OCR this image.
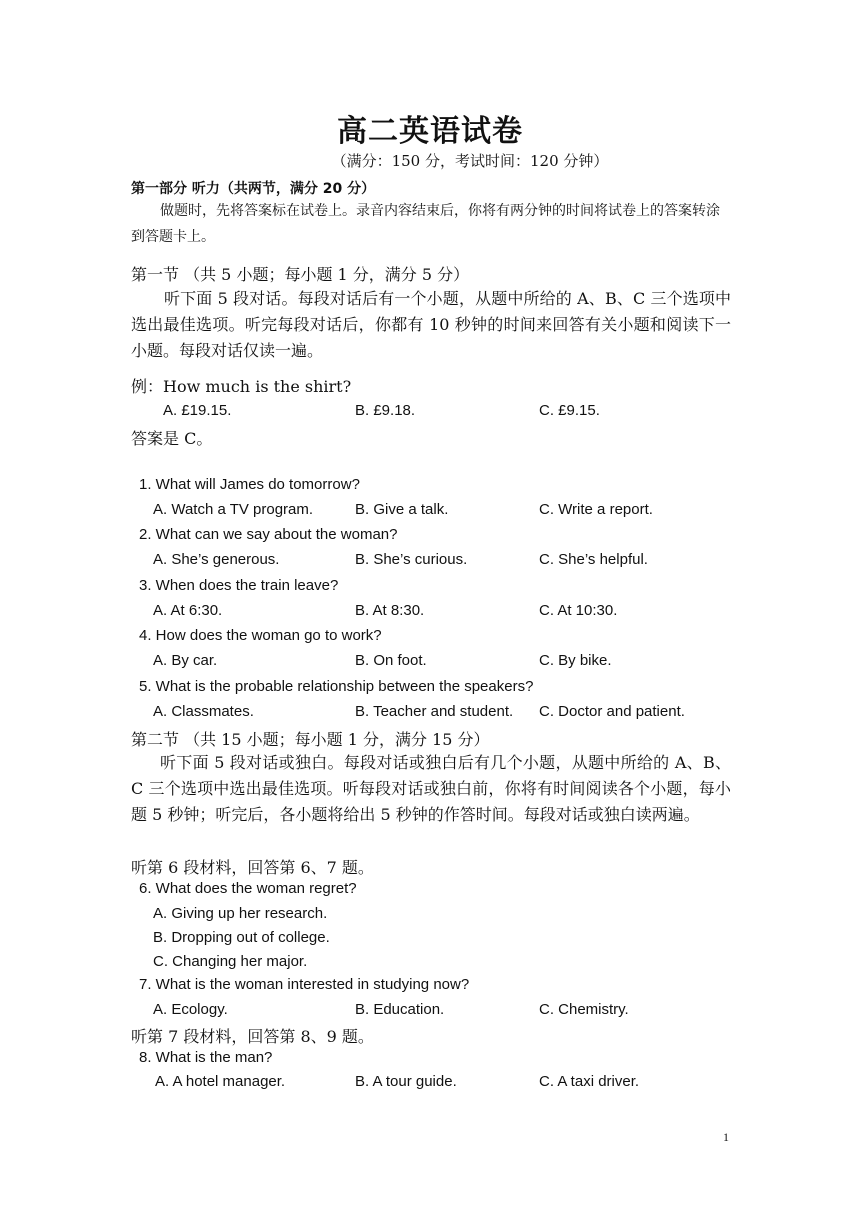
高二英语试卷
（满分：150 分，考试时间：120 分钟）
第一部分 听力（共两节，满分 20 分）
做题时，先将答案标在试卷上。录音内容结束后，你将有两分钟的时间将试卷上的答案转涂到答题卡上。
第一节 （共 5 小题；每小题 1 分，满分 5 分）
听下面 5 段对话。每段对话后有一个小题，从题中所给的 A、B、C 三个选项中选出最佳选项。听完每段对话后，你都有 10 秒钟的时间来回答有关小题和阅读下一小题。每段对话仅读一遍。
例：How much is the shirt?
A. £19.15.	B. £9.18.	C. £9.15.
答案是 C。
1. What will James do tomorrow?
A. Watch a TV program.	B. Give a talk.	C. Write a report.
2. What can we say about the woman?
A. She’s generous.	B. She’s curious.	C. She’s helpful.
3. When does the train leave?
A. At 6:30.	B. At 8:30.	C. At 10:30.
4. How does the woman go to work?
A. By car.	B. On foot.	C. By bike.
5. What is the probable relationship between the speakers?
A. Classmates.	B. Teacher and student. C. Doctor and patient.
第二节 （共 15 小题；每小题 1 分，满分 15 分）
听下面 5 段对话或独白。每段对话或独白后有几个小题，从题中所给的 A、B、C 三个选项中选出最佳选项。听每段对话或独白前，你将有时间阅读各个小题，每小题 5 秒钟；听完后，各小题将给出 5 秒钟的作答时间。每段对话或独白读两遍。
听第 6 段材料，回答第 6、7 题。
6. What does the woman regret?
A. Giving up her research.
B. Dropping out of college.
C. Changing her major.
7. What is the woman interested in studying now?
A. Ecology.	B. Education.	C. Chemistry.
听第 7 段材料，回答第 8、9 题。
8. What is the man?
A. A hotel manager.	B. A tour guide.	C. A taxi driver.
1
